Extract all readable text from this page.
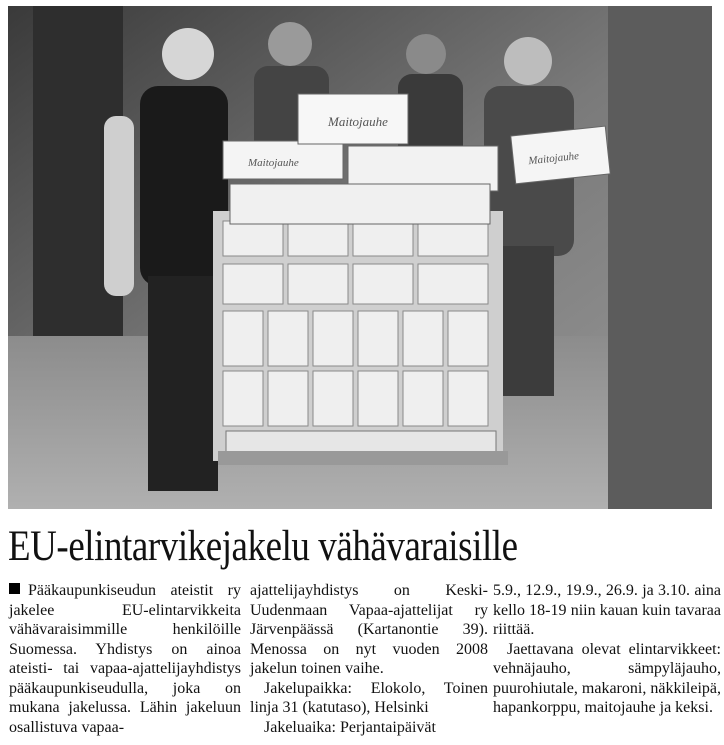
Maitojauhe
Maitojauhe
Maitojauhe
EU-elintarvikejakelu vähävaraisille

Pääkaupunkiseudun ateistit ry jakelee EU-elintarvikkeita vähävaraisimmille henkilöille Suomessa. Yhdistys on ainoa ateisti- tai vapaa-ajattelijayhdistys pääkaupunkiseudulla, joka on mukana jakelussa. Lähin jakeluun osallistuva vapaa-

ajattelijayhdistys on Keski-Uudenmaan Vapaa-ajattelijat ry Järvenpäässä (Kartanontie 39). Menossa on nyt vuoden 2008 jakelun toinen vaihe.

Jakelupaikka: Elokolo, Toinen linja 31 (katutaso), Helsinki

Jakeluaika: Perjantaipäivät

5.9., 12.9., 19.9., 26.9. ja 3.10. aina kello 18-19 niin kauan kuin tavaraa riittää.

Jaettavana olevat elintarvikkeet: vehnäjauho, sämpyläjauho, puurohiutale, makaroni, näkkileipä, hapankorppu, maitojauhe ja keksi.
